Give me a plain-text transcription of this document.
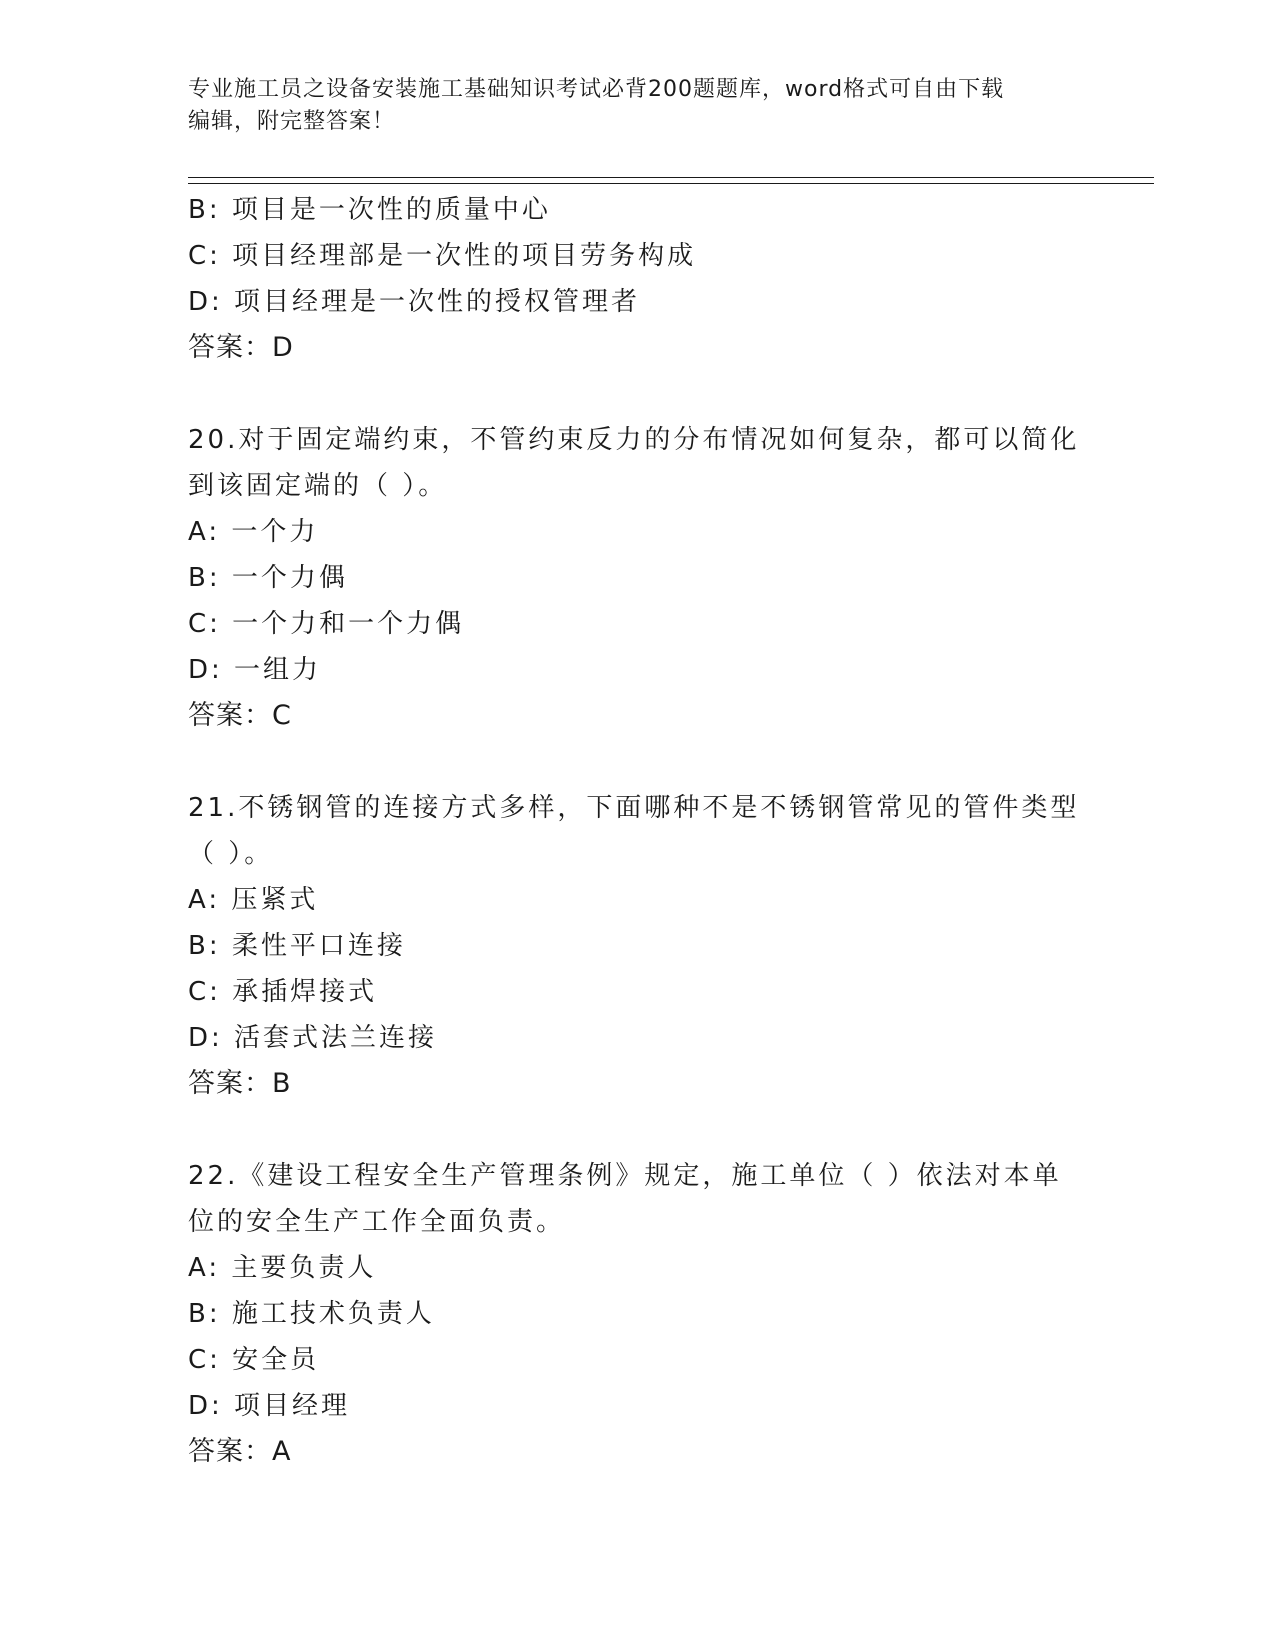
专业施工员之设备安装施工基础知识考试必背200题题库，word格式可自由下载
编辑，附完整答案！
B: 项目是一次性的质量中心
C: 项目经理部是一次性的项目劳务构成
D: 项目经理是一次性的授权管理者
答案：D
20.对于固定端约束，不管约束反力的分布情况如何复杂，都可以简化
到该固定端的（ ）。
A: 一个力
B: 一个力偶
C: 一个力和一个力偶
D: 一组力
答案：C
21.不锈钢管的连接方式多样，下面哪种不是不锈钢管常见的管件类型
（ ）。
A: 压紧式
B: 柔性平口连接
C: 承插焊接式
D: 活套式法兰连接
答案：B
22.《建设工程安全生产管理条例》规定，施工单位（ ）依法对本单
位的安全生产工作全面负责。
A: 主要负责人
B: 施工技术负责人
C: 安全员
D: 项目经理
答案：A
